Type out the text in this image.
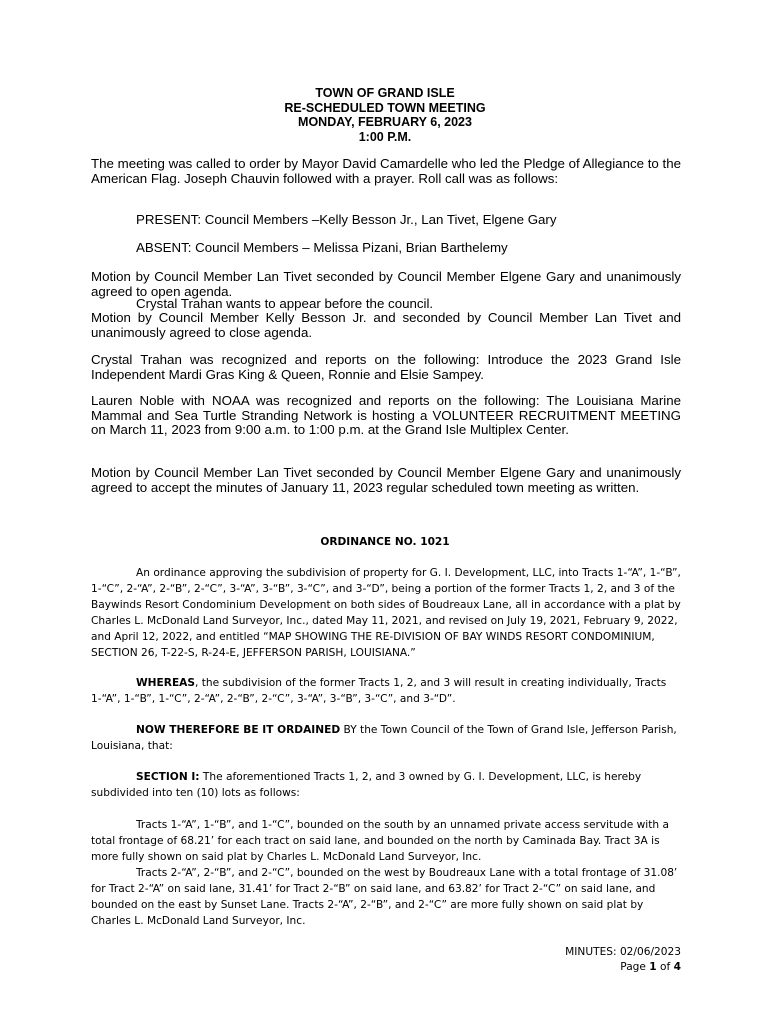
TOWN OF GRAND ISLE
RE-SCHEDULED TOWN MEETING
MONDAY, FEBRUARY 6, 2023
1:00 P.M.
The meeting was called to order by Mayor David Camardelle who led the Pledge of Allegiance to the American Flag. Joseph Chauvin followed with a prayer. Roll call was as follows:
PRESENT: Council Members –Kelly Besson Jr., Lan Tivet, Elgene Gary
ABSENT: Council Members – Melissa Pizani, Brian Barthelemy
Motion by Council Member Lan Tivet seconded by Council Member Elgene Gary and unanimously agreed to open agenda.
Crystal Trahan wants to appear before the council.
Motion by Council Member Kelly Besson Jr. and seconded by Council Member Lan Tivet and unanimously agreed to close agenda.
Crystal Trahan was recognized and reports on the following: Introduce the 2023 Grand Isle Independent Mardi Gras King & Queen, Ronnie and Elsie Sampey.
Lauren Noble with NOAA was recognized and reports on the following: The Louisiana Marine Mammal and Sea Turtle Stranding Network is hosting a VOLUNTEER RECRUITMENT MEETING on March 11, 2023 from 9:00 a.m. to 1:00 p.m. at the Grand Isle Multiplex Center.
Motion by Council Member Lan Tivet seconded by Council Member Elgene Gary and unanimously agreed to accept the minutes of January 11, 2023 regular scheduled town meeting as written.
ORDINANCE NO. 1021

An ordinance approving the subdivision of property for G. I. Development, LLC, into Tracts 1-“A”, 1-“B”, 1-“C”, 2-“A”, 2-“B”, 2-“C”, 3-“A”, 3-“B”, 3-“C”, and 3-“D”, being a portion of the former Tracts 1, 2, and 3 of the Baywinds Resort Condominium Development on both sides of Boudreaux Lane, all in accordance with a plat by Charles L. McDonald Land Surveyor, Inc., dated May 11, 2021, and revised on July 19, 2021, February 9, 2022, and April 12, 2022, and entitled “MAP SHOWING THE RE-DIVISION OF BAY WINDS RESORT CONDOMINIUM, SECTION 26, T-22-S, R-24-E, JEFFERSON PARISH, LOUISIANA.”

WHEREAS, the subdivision of the former Tracts 1, 2, and 3 will result in creating individually, Tracts 1-“A”, 1-“B”, 1-“C”, 2-“A”, 2-“B”, 2-“C”, 3-“A”, 3-“B”, 3-“C”, and 3-“D”.

NOW THEREFORE BE IT ORDAINED BY the Town Council of the Town of Grand Isle, Jefferson Parish, Louisiana, that:

SECTION I: The aforementioned Tracts 1, 2, and 3 owned by G. I. Development, LLC, is hereby subdivided into ten (10) lots as follows:

Tracts 1-“A”, 1-“B”, and 1-“C”, bounded on the south by an unnamed private access servitude with a total frontage of 68.21’ for each tract on said lane, and bounded on the north by Caminada Bay. Tract 3A is more fully shown on said plat by Charles L. McDonald Land Surveyor, Inc.

Tracts 2-“A”, 2-“B”, and 2-“C”, bounded on the west by Boudreaux Lane with a total frontage of 31.08’ for Tract 2-“A” on said lane, 31.41’ for Tract 2-“B” on said lane, and 63.82’ for Tract 2-“C” on said lane, and bounded on the east by Sunset Lane. Tracts 2-“A”, 2-“B”, and 2-“C” are more fully shown on said plat by Charles L. McDonald Land Surveyor, Inc.

MINUTES: 02/06/2023
Page 1 of 4
